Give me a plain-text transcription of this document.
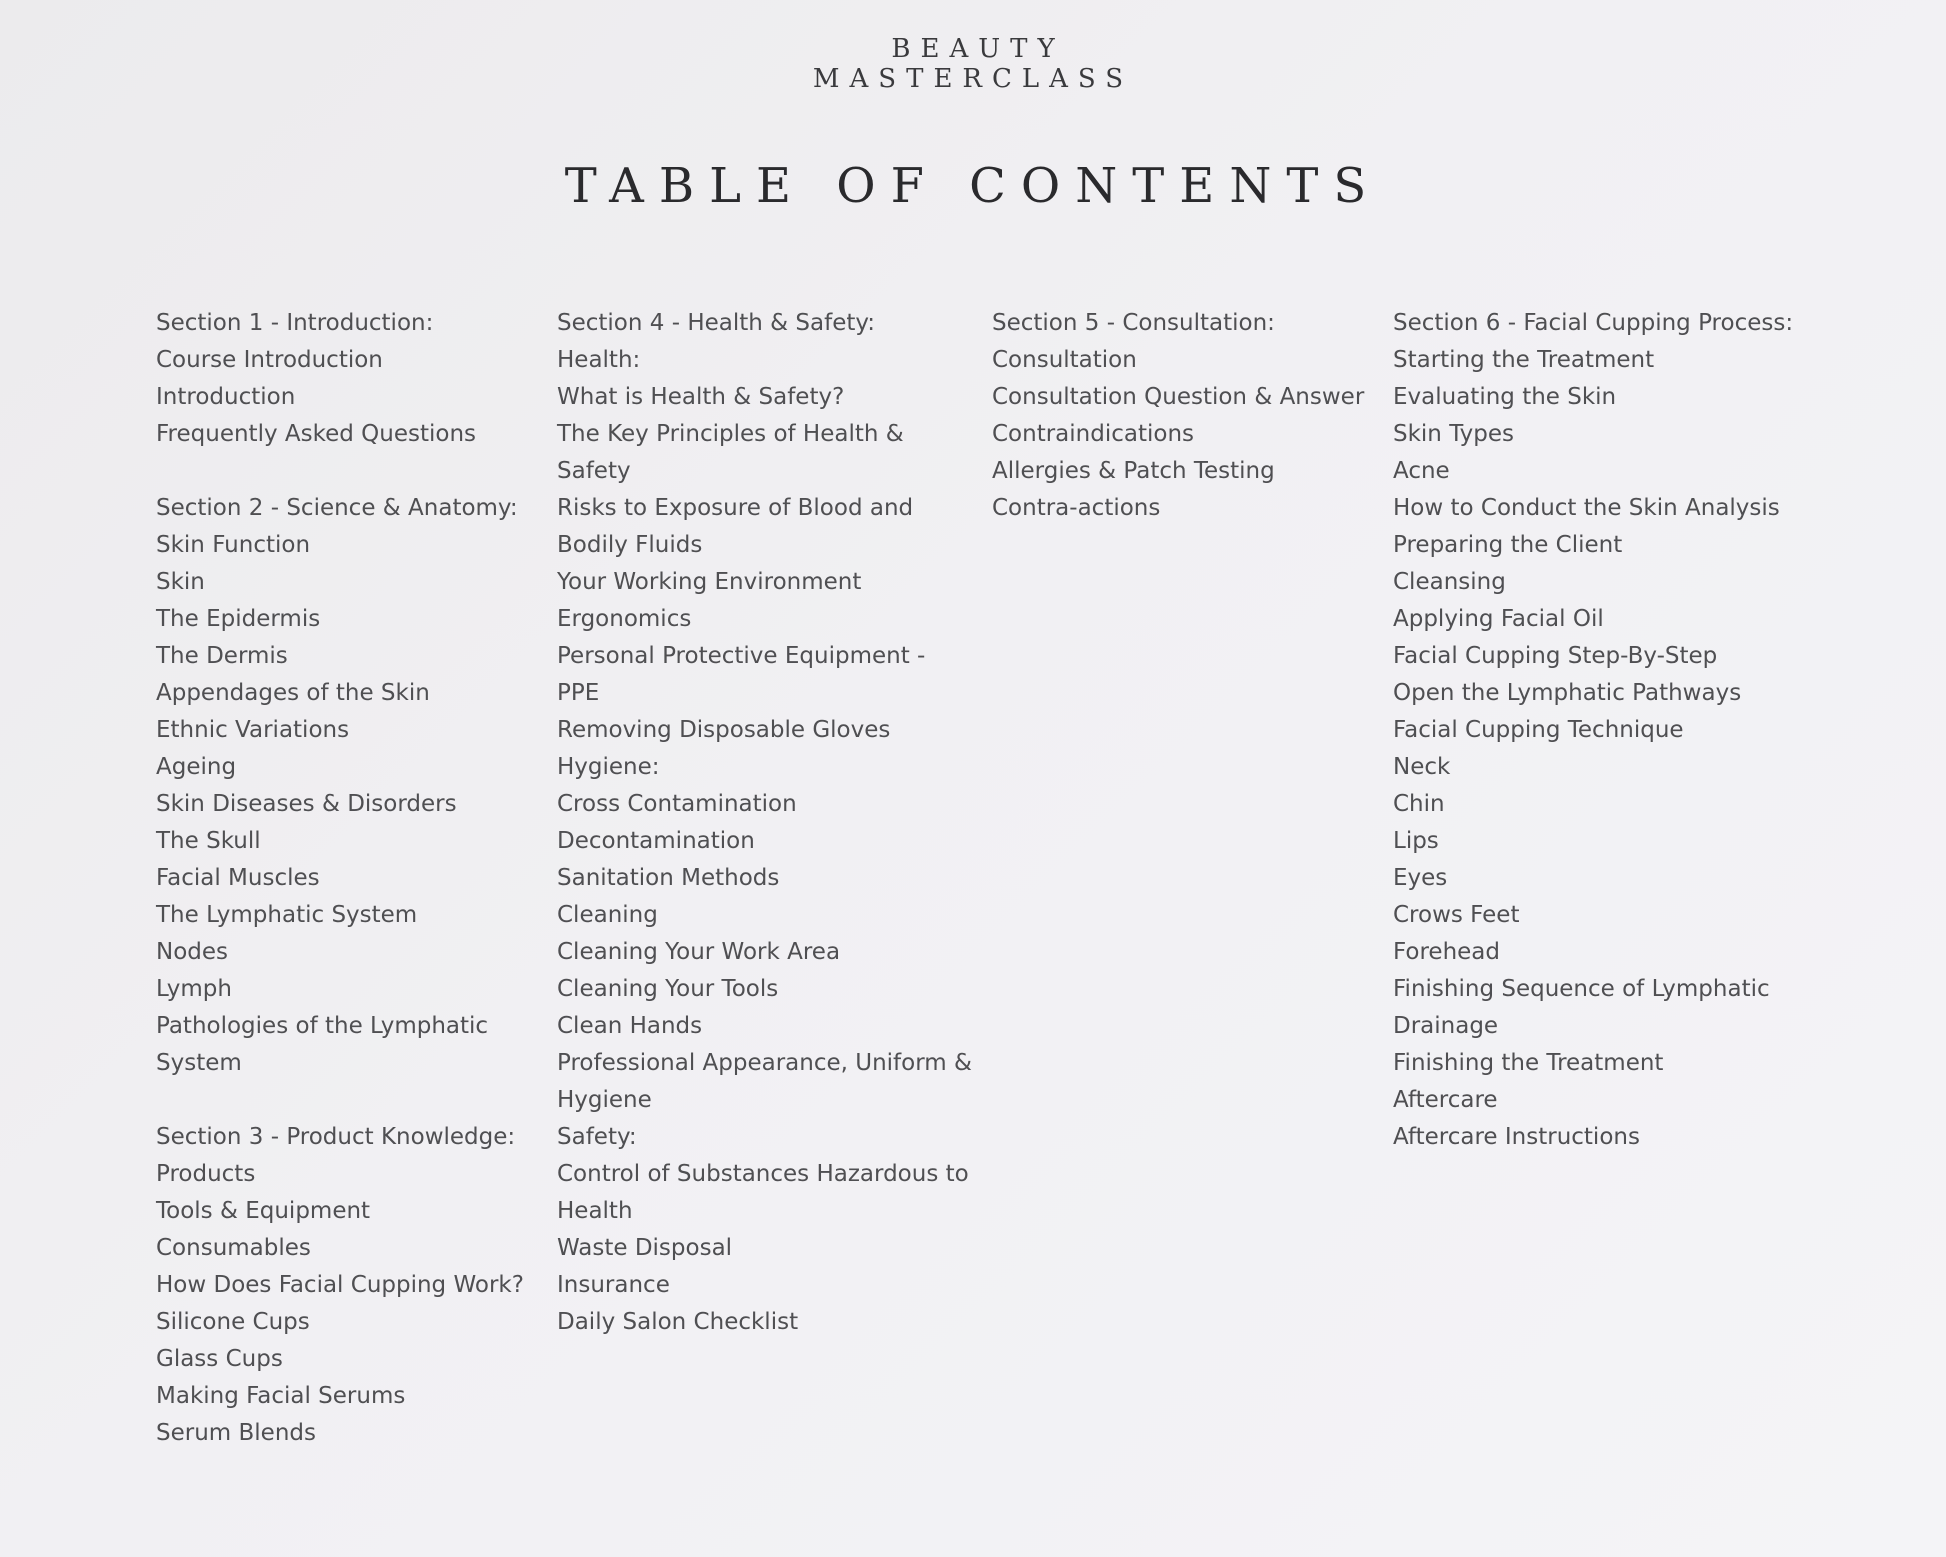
BEAUTY
MASTERCLASS
TABLE OF CONTENTS
Section 1 - Introduction:
Course Introduction
Introduction
Frequently Asked Questions
Section 2 - Science & Anatomy:
Skin Function
Skin
The Epidermis
The Dermis
Appendages of the Skin
Ethnic Variations
Ageing
Skin Diseases & Disorders
The Skull
Facial Muscles
The Lymphatic System
Nodes
Lymph
Pathologies of the Lymphatic
System
Section 3 - Product Knowledge:
Products
Tools & Equipment
Consumables
How Does Facial Cupping Work?
Silicone Cups
Glass Cups
Making Facial Serums
Serum Blends
Section 4 - Health & Safety:
Health:
What is Health & Safety?
The Key Principles of Health &
Safety
Risks to Exposure of Blood and
Bodily Fluids
Your Working Environment
Ergonomics
Personal Protective Equipment -
PPE
Removing Disposable Gloves
Hygiene:
Cross Contamination
Decontamination
Sanitation Methods
Cleaning
Cleaning Your Work Area
Cleaning Your Tools
Clean Hands
Professional Appearance, Uniform &
Hygiene
Safety:
Control of Substances Hazardous to
Health
Waste Disposal
Insurance
Daily Salon Checklist
Section 5 - Consultation:
Consultation
Consultation Question & Answer
Contraindications
Allergies & Patch Testing
Contra-actions
Section 6 - Facial Cupping Process:
Starting the Treatment
Evaluating the Skin
Skin Types
Acne
How to Conduct the Skin Analysis
Preparing the Client
Cleansing
Applying Facial Oil
Facial Cupping Step-By-Step
Open the Lymphatic Pathways
Facial Cupping Technique
Neck
Chin
Lips
Eyes
Crows Feet
Forehead
Finishing Sequence of Lymphatic
Drainage
Finishing the Treatment
Aftercare
Aftercare Instructions
